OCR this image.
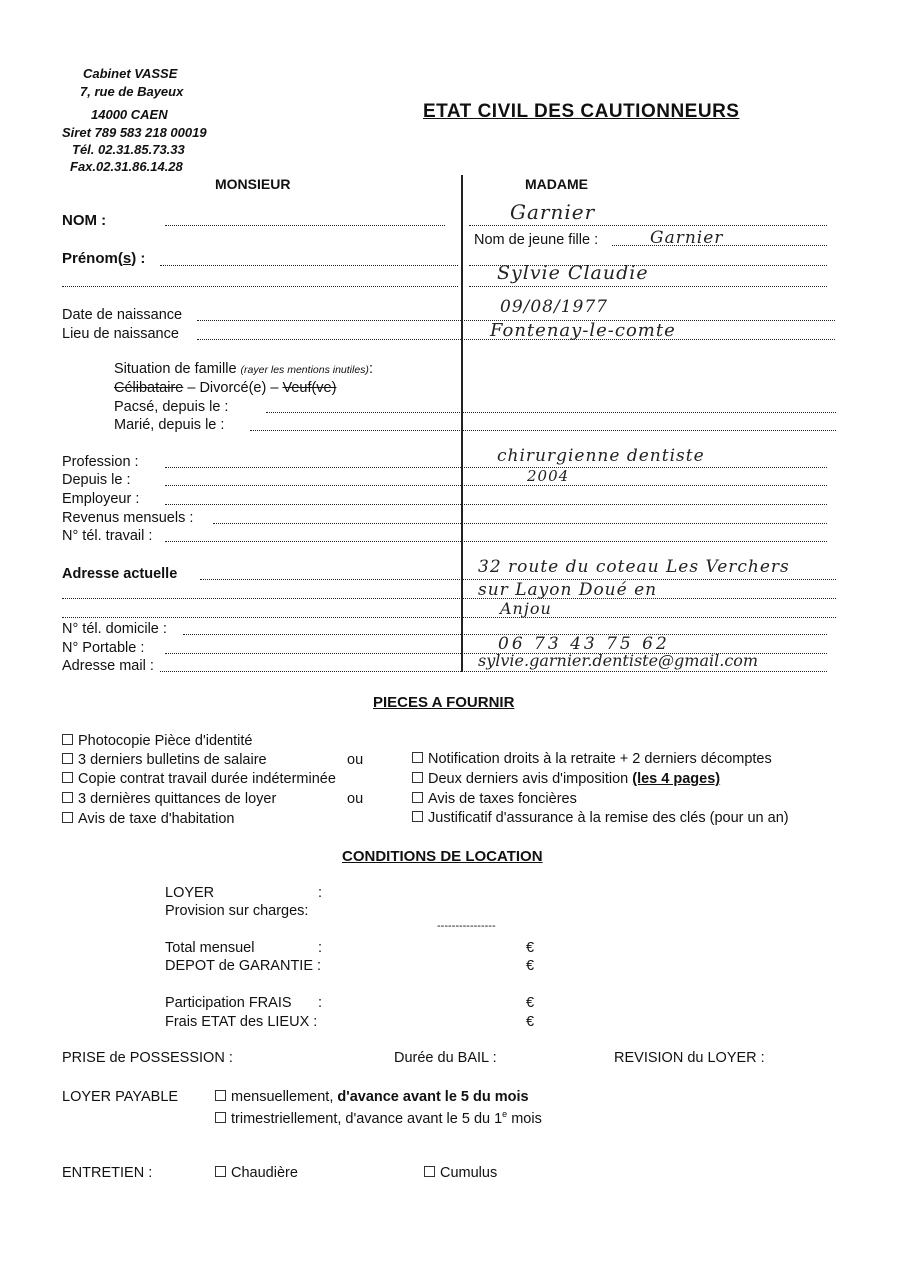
Cabinet VASSE
7, rue de Bayeux
14000 CAEN
Siret 789 583 218 00019
Tél. 02.31.85.73.33
Fax.02.31.86.14.28
ETAT CIVIL DES CAUTIONNEURS
MONSIEUR	MADAME
NOM :	Garnier
Nom de jeune fille :	Garnier
Prénom(s) :
Sylvie Claudie
Date de naissance	09/08/1977
Lieu de naissance	Fontenay-le-comte
Situation de famille (rayer les mentions inutiles):
Célibataire – Divorcé(e) – Veuf(ve)
Pacsé, depuis le :
Marié, depuis le :
Profession :	chirurgienne dentiste
Depuis le :	2004
Employeur :
Revenus mensuels :
N° tél. travail :
Adresse actuelle	32 route du coteau Les Verchers
sur Layon Doué en
Anjou
N° tél. domicile :
N° Portable :	06 73 43 75 62
Adresse mail :	sylvie.garnier.dentiste@gmail.com
PIECES A FOURNIR
Photocopie Pièce d'identité
3 derniers bulletins de salaire
Copie contrat travail durée indéterminée
3 dernières quittances de loyer
Avis de taxe d'habitation
ou
ou
Notification droits à la retraite + 2 derniers décomptes
Deux derniers avis d'imposition (les 4 pages)
Avis de taxes foncières
Justificatif d'assurance à la remise des clés (pour un an)
CONDITIONS DE LOCATION
LOYER	:
Provision sur charges:
----------------
Total mensuel	:	€
DEPOT de GARANTIE :	€
Participation FRAIS :	€
Frais ETAT des LIEUX :	€
PRISE de POSSESSION :	Durée du BAIL :	REVISION du LOYER :
LOYER PAYABLE	mensuellement, d'avance avant le 5 du mois
trimestriellement, d'avance avant le 5 du 1e mois
ENTRETIEN :	Chaudière	Cumulus
